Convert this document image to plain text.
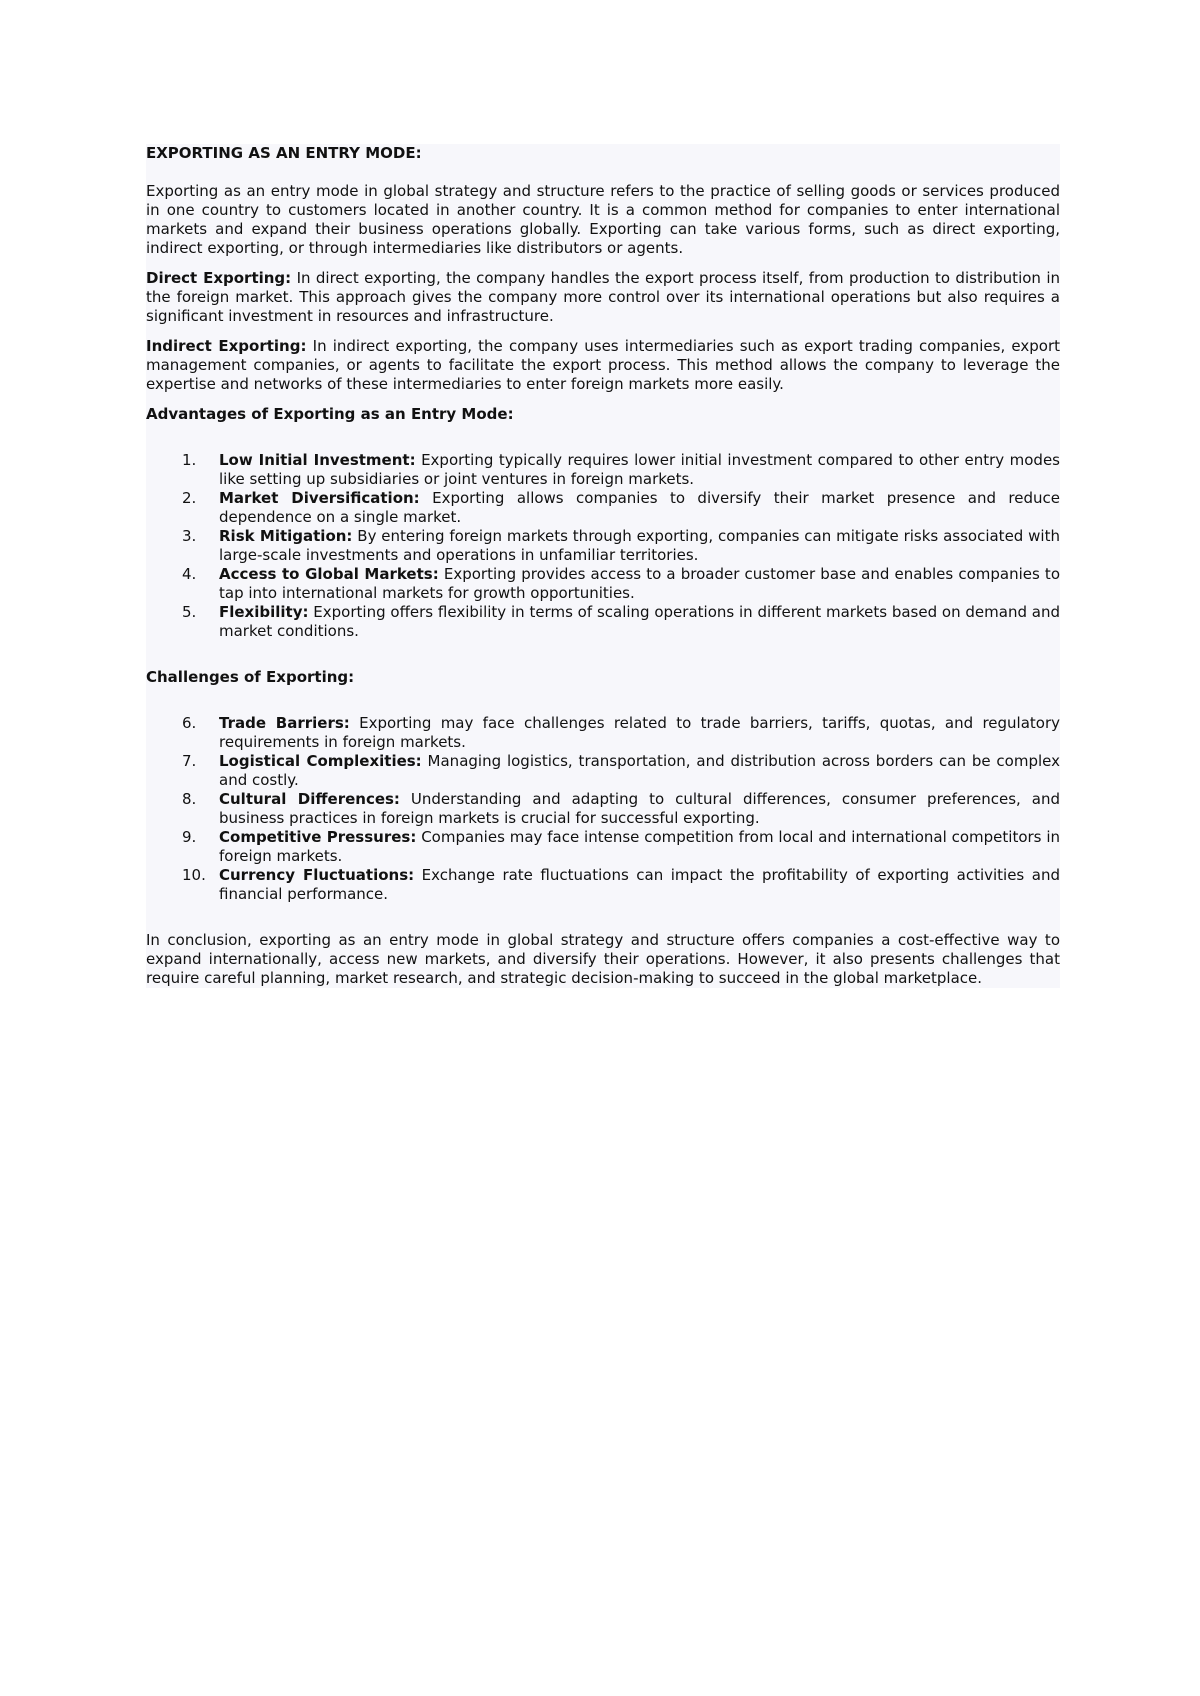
EXPORTING AS AN ENTRY MODE:

Exporting as an entry mode in global strategy and structure refers to the practice of selling goods or services produced in one country to customers located in another country. It is a common method for companies to enter international markets and expand their business operations globally. Exporting can take various forms, such as direct exporting, indirect exporting, or through intermediaries like distributors or agents.

Direct Exporting: In direct exporting, the company handles the export process itself, from production to distribution in the foreign market. This approach gives the company more control over its international operations but also requires a significant investment in resources and infrastructure.

Indirect Exporting: In indirect exporting, the company uses intermediaries such as export trading companies, export management companies, or agents to facilitate the export process. This method allows the company to leverage the expertise and networks of these intermediaries to enter foreign markets more easily.

Advantages of Exporting as an Entry Mode:
1.	Low Initial Investment: Exporting typically requires lower initial investment compared to other entry modes like setting up subsidiaries or joint ventures in foreign markets.
2.	Market Diversification: Exporting allows companies to diversify their market presence and reduce dependence on a single market.
3.	Risk Mitigation: By entering foreign markets through exporting, companies can mitigate risks associated with large-scale investments and operations in unfamiliar territories.
4.	Access to Global Markets: Exporting provides access to a broader customer base and enables companies to tap into international markets for growth opportunities.
5.	Flexibility: Exporting offers flexibility in terms of scaling operations in different markets based on demand and market conditions.
Challenges of Exporting:
6.	Trade Barriers: Exporting may face challenges related to trade barriers, tariffs, quotas, and regulatory requirements in foreign markets.
7.	Logistical Complexities: Managing logistics, transportation, and distribution across borders can be complex and costly.
8.	Cultural Differences: Understanding and adapting to cultural differences, consumer preferences, and business practices in foreign markets is crucial for successful exporting.
9.	Competitive Pressures: Companies may face intense competition from local and international competitors in foreign markets.
10. Currency Fluctuations: Exchange rate fluctuations can impact the profitability of exporting activities and financial performance.

In conclusion, exporting as an entry mode in global strategy and structure offers companies a cost-effective way to expand internationally, access new markets, and diversify their operations. However, it also presents challenges that require careful planning, market research, and strategic decision-making to succeed in the global marketplace.
